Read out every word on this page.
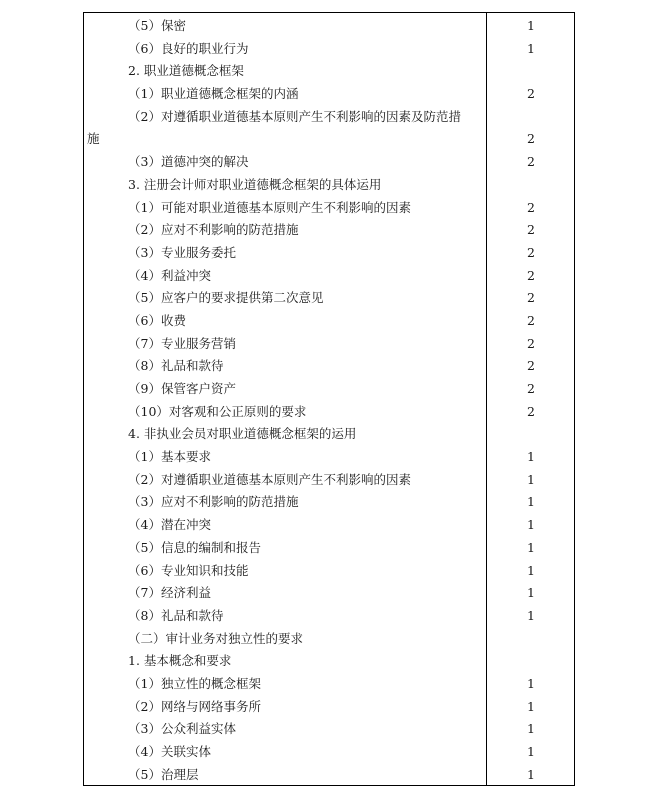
（5）保密	1
（6）良好的职业行为	1
2. 职业道德概念框架
（1）职业道德概念框架的内涵	2
（2）对遵循职业道德基本原则产生不利影响的因素及防范措
施	2
（3）道德冲突的解决	2
3. 注册会计师对职业道德概念框架的具体运用
（1）可能对职业道德基本原则产生不利影响的因素	2
（2）应对不利影响的防范措施	2
（3）专业服务委托	2
（4）利益冲突	2
（5）应客户的要求提供第二次意见	2
（6）收费	2
（7）专业服务营销	2
（8）礼品和款待	2
（9）保管客户资产	2
（10）对客观和公正原则的要求	2
4. 非执业会员对职业道德概念框架的运用
（1）基本要求	1
（2）对遵循职业道德基本原则产生不利影响的因素	1
（3）应对不利影响的防范措施	1
（4）潜在冲突	1
（5）信息的编制和报告	1
（6）专业知识和技能	1
（7）经济利益	1
（8）礼品和款待	1
（二）审计业务对独立性的要求
1. 基本概念和要求
（1）独立性的概念框架	1
（2）网络与网络事务所	1
（3）公众利益实体	1
（4）关联实体	1
（5）治理层	1
